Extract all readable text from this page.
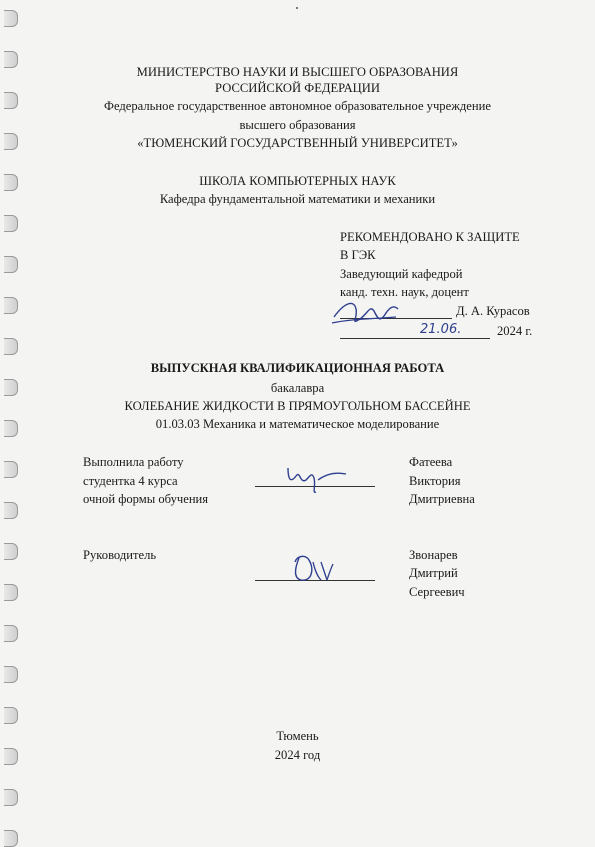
МИНИСТЕРСТВО НАУКИ И ВЫСШЕГО ОБРАЗОВАНИЯ
РОССИЙСКОЙ ФЕДЕРАЦИИ
Федеральное государственное автономное образовательное учреждение
высшего образования
«ТЮМЕНСКИЙ ГОСУДАРСТВЕННЫЙ УНИВЕРСИТЕТ»
ШКОЛА КОМПЬЮТЕРНЫХ НАУК
Кафедра фундаментальной математики и механики
РЕКОМЕНДОВАНО К ЗАЩИТЕ
В ГЭК
Заведующий кафедрой
канд. техн. наук, доцент
Д. А. Курасов
21.06.	2024 г.
ВЫПУСКНАЯ КВАЛИФИКАЦИОННАЯ РАБОТА
бакалавра
КОЛЕБАНИЕ ЖИДКОСТИ В ПРЯМОУГОЛЬНОМ БАССЕЙНЕ
01.03.03 Механика и математическое моделирование
Выполнила работу
студентка 4 курса
очной формы обучения
Фатеева
Виктория
Дмитриевна
Руководитель	Звонарев
Дмитрий
Сергеевич
Тюмень
2024 год
